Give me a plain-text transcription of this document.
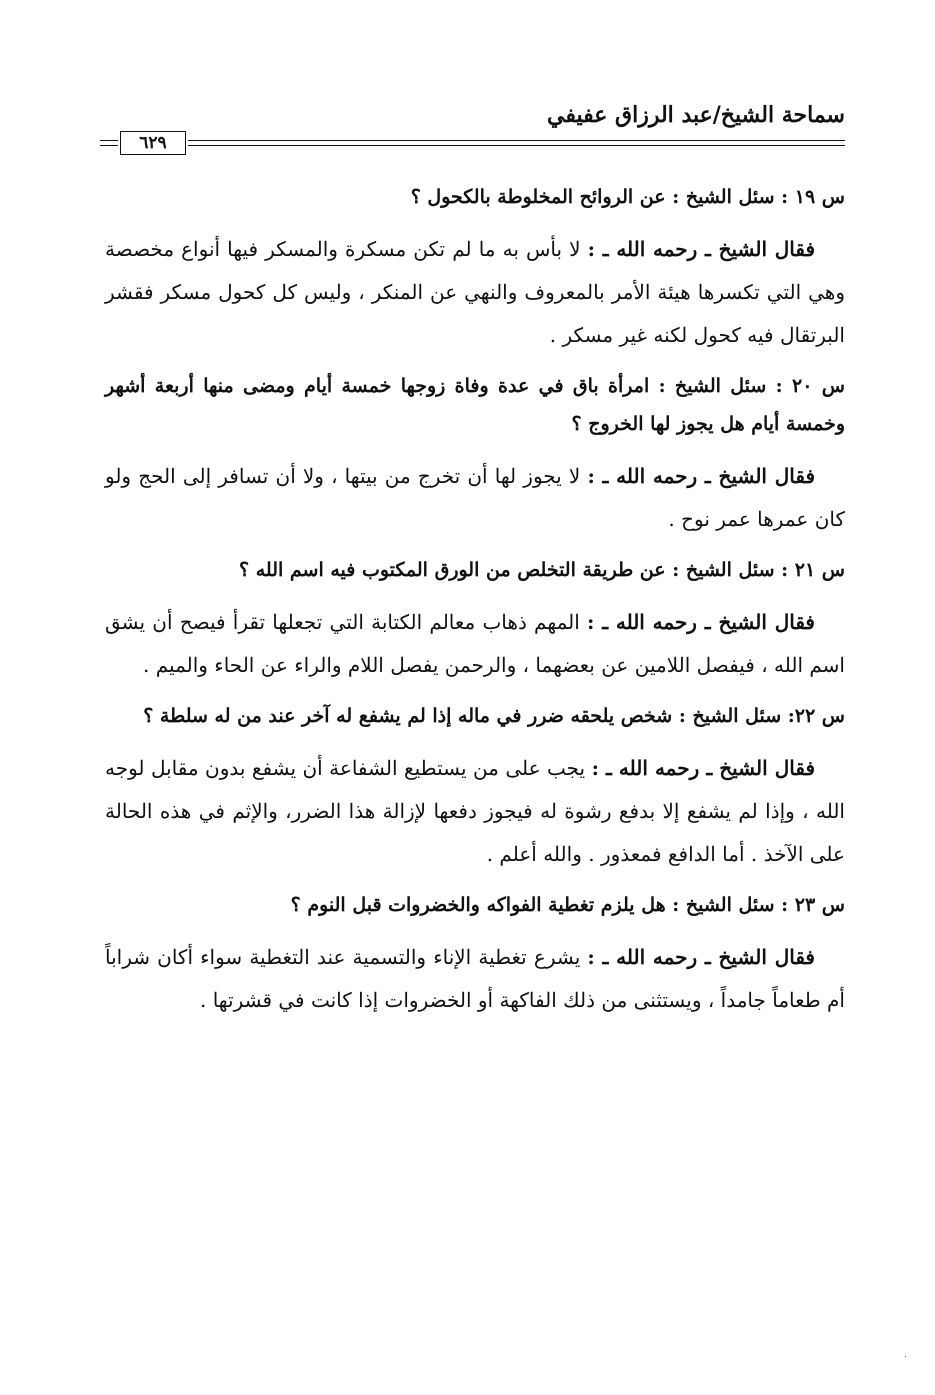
سماحة الشيخ/عبد الرزاق عفيفي
٦٢٩

س ١٩ : سئل الشيخ : عن الروائح المخلوطة بالكحول ؟

فقال الشيخ ـ رحمه الله ـ : لا بأس به ما لم تكن مسكرة والمسكر فيها أنواع مخصصة وهي التي تكسرها هيئة الأمر بالمعروف والنهي عن المنكر ، وليس كل كحول مسكر فقشر البرتقال فيه كحول لكنه غير مسكر .

س ٢٠ : سئل الشيخ : امرأة باق في عدة وفاة زوجها خمسة أيام ومضى منها أربعة أشهر وخمسة أيام هل يجوز لها الخروج ؟

فقال الشيخ ـ رحمه الله ـ : لا يجوز لها أن تخرج من بيتها ، ولا أن تسافر إلى الحج ولو كان عمرها عمر نوح .

س ٢١ : سئل الشيخ : عن طريقة التخلص من الورق المكتوب فيه اسم الله ؟

فقال الشيخ ـ رحمه الله ـ : المهم ذهاب معالم الكتابة التي تجعلها تقرأ فيصح أن يشق اسم الله ، فيفصل اللامين عن بعضهما ، والرحمن يفصل اللام والراء عن الحاء والميم .

س ٢٢: سئل الشيخ : شخص يلحقه ضرر في ماله إذا لم يشفع له آخر عند من له سلطة ؟

فقال الشيخ ـ رحمه الله ـ : يجب على من يستطيع الشفاعة أن يشفع بدون مقابل لوجه الله ، وإذا لم يشفع إلا بدفع رشوة له فيجوز دفعها لإزالة هذا الضرر، والإثم في هذه الحالة على الآخذ . أما الدافع فمعذور . والله أعلم .

س ٢٣ : سئل الشيخ : هل يلزم تغطية الفواكه والخضروات قبل النوم ؟

فقال الشيخ ـ رحمه الله ـ : يشرع تغطية الإناء والتسمية عند التغطية سواء أكان شراباً أم طعاماً جامداً ، ويستثنى من ذلك الفاكهة أو الخضروات إذا كانت في قشرتها .

·
